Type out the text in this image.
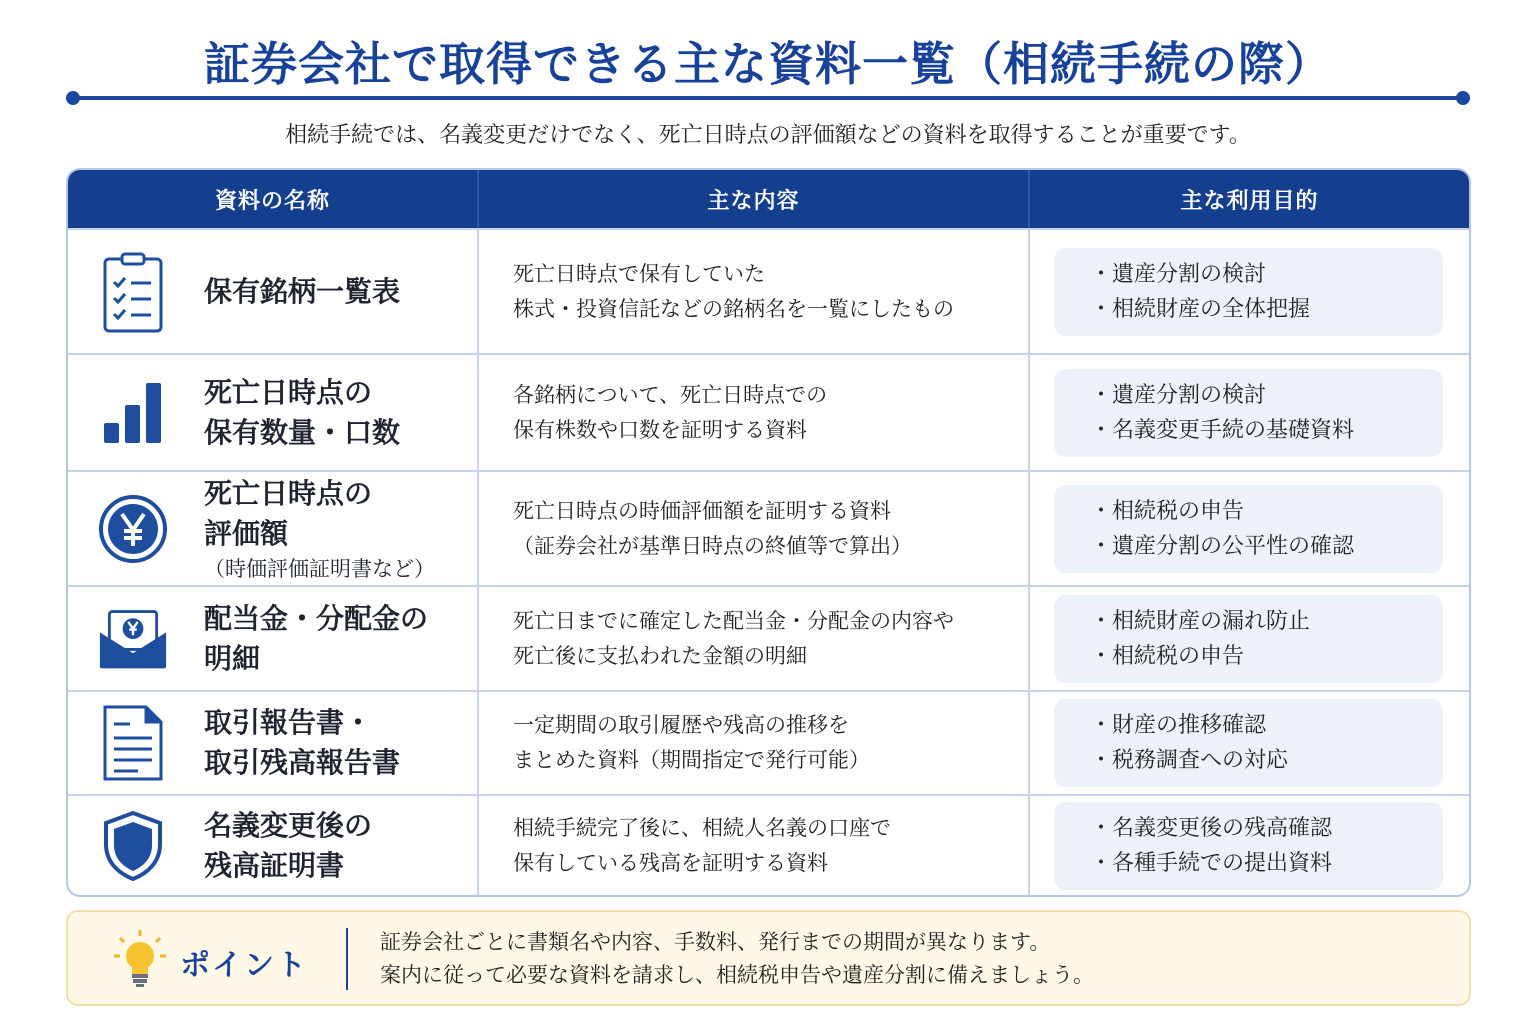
証券会社で取得できる主な資料一覧（相続手続の際）

相続手続では、名義変更だけでなく、死亡日時点の評価額などの資料を取得することが重要です。

資料の名称	主な内容	主な利用目的
保有銘柄一覧表
死亡日時点で保有していた
株式・投資信託などの銘柄名を一覧にしたもの
・遺産分割の検討
・相続財産の全体把握
死亡日時点の
保有数量・口数
各銘柄について、死亡日時点での
保有株数や口数を証明する資料
・遺産分割の検討
・名義変更手続の基礎資料
死亡日時点の
評価額
（時価評価証明書など）
死亡日時点の時価評価額を証明する資料
（証券会社が基準日時点の終値等で算出）
・相続税の申告
・遺産分割の公平性の確認
配当金・分配金の
明細
死亡日までに確定した配当金・分配金の内容や
死亡後に支払われた金額の明細
・相続財産の漏れ防止
・相続税の申告
取引報告書・
取引残高報告書
一定期間の取引履歴や残高の推移を
まとめた資料（期間指定で発行可能）
・財産の推移確認
・税務調査への対応
名義変更後の
残高証明書
相続手続完了後に、相続人名義の口座で
保有している残高を証明する資料
・名義変更後の残高確認
・各種手続での提出資料
ポイント
証券会社ごとに書類名や内容、手数料、発行までの期間が異なります。
案内に従って必要な資料を請求し、相続税申告や遺産分割に備えましょう。
